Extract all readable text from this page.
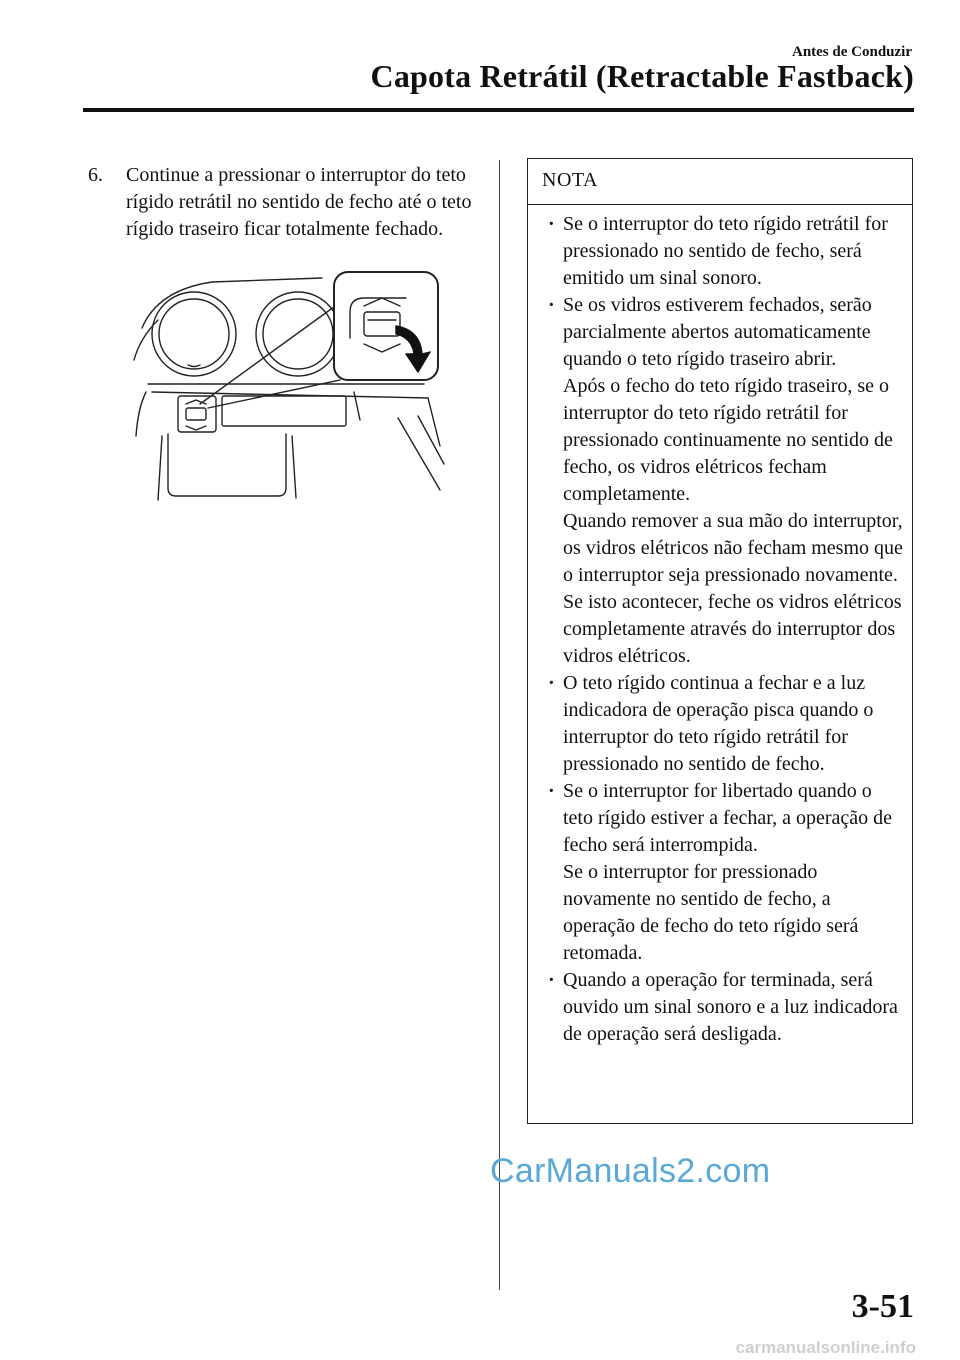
Antes de Conduzir
Capota Retrátil (Retractable Fastback)
6. Continue a pressionar o interruptor do teto rígido retrátil no sentido de fecho até o teto rígido traseiro ficar totalmente fechado.
NOTA

· Se o interruptor do teto rígido retrátil for pressionado no sentido de fecho, será emitido um sinal sonoro.

· Se os vidros estiverem fechados, serão parcialmente abertos automaticamente quando o teto rígido traseiro abrir.

Após o fecho do teto rígido traseiro, se o interruptor do teto rígido retrátil for pressionado continuamente no sentido de fecho, os vidros elétricos fecham completamente.

Quando remover a sua mão do interruptor, os vidros elétricos não fecham mesmo que o interruptor seja pressionado novamente. Se isto acontecer, feche os vidros elétricos completamente através do interruptor dos vidros elétricos.

· O teto rígido continua a fechar e a luz indicadora de operação pisca quando o interruptor do teto rígido retrátil for pressionado no sentido de fecho.

· Se o interruptor for libertado quando o teto rígido estiver a fechar, a operação de fecho será interrompida.

Se o interruptor for pressionado novamente no sentido de fecho, a operação de fecho do teto rígido será retomada.

· Quando a operação for terminada, será ouvido um sinal sonoro e a luz indicadora de operação será desligada.

CarManuals2.com
3-51
carmanualsonline.info
